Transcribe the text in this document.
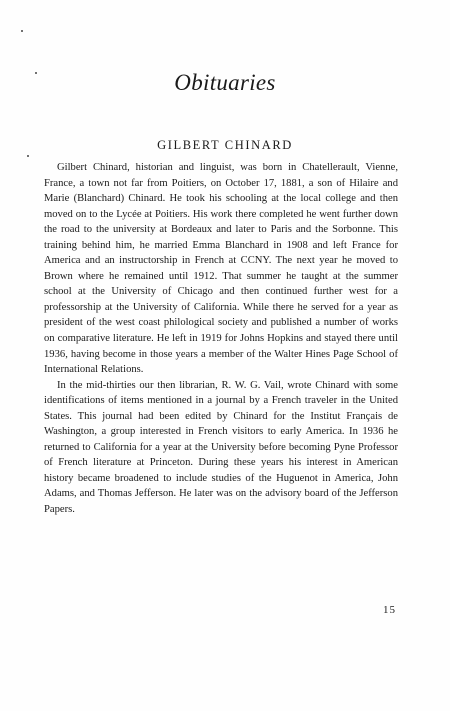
Obituaries
GILBERT CHINARD

Gilbert Chinard, historian and linguist, was born in Chatellerault, Vienne, France, a town not far from Poitiers, on October 17, 1881, a son of Hilaire and Marie (Blanchard) Chinard. He took his schooling at the local college and then moved on to the Lycée at Poitiers. His work there completed he went further down the road to the university at Bordeaux and later to Paris and the Sorbonne. This training behind him, he married Emma Blanchard in 1908 and left France for America and an instructorship in French at CCNY. The next year he moved to Brown where he remained until 1912. That summer he taught at the summer school at the University of Chicago and then continued further west for a professorship at the University of California. While there he served for a year as president of the west coast philological society and published a number of works on comparative literature. He left in 1919 for Johns Hopkins and stayed there until 1936, having become in those years a member of the Walter Hines Page School of International Relations.

In the mid-thirties our then librarian, R. W. G. Vail, wrote Chinard with some identifications of items mentioned in a journal by a French traveler in the United States. This journal had been edited by Chinard for the Institut Français de Washington, a group interested in French visitors to early America. In 1936 he returned to California for a year at the University before becoming Pyne Professor of French literature at Princeton. During these years his interest in American history became broadened to include studies of the Huguenot in America, John Adams, and Thomas Jefferson. He later was on the advisory board of the Jefferson Papers.

15
